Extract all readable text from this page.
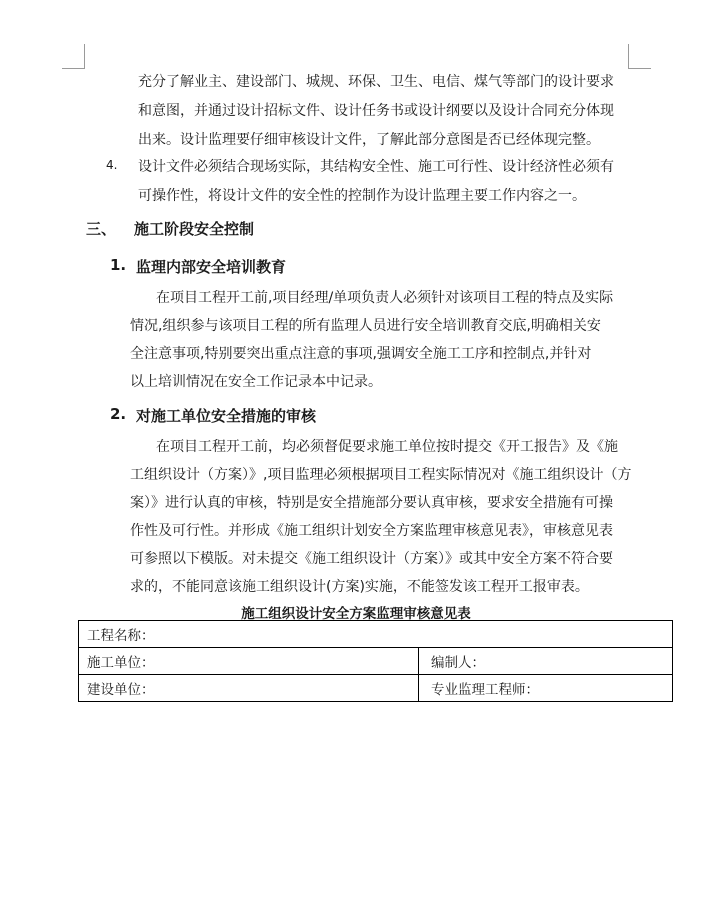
充分了解业主、建设部门、城规、环保、卫生、电信、煤气等部门的设计要求
和意图，并通过设计招标文件、设计任务书或设计纲要以及设计合同充分体现
出来。设计监理要仔细审核设计文件，了解此部分意图是否已经体现完整。
4. 设计文件必须结合现场实际，其结构安全性、施工可行性、设计经济性必须有
可操作性，将设计文件的安全性的控制作为设计监理主要工作内容之一。
三、 施工阶段安全控制
1. 监理内部安全培训教育
在项目工程开工前,项目经理/单项负责人必须针对该项目工程的特点及实际
情况,组织参与该项目工程的所有监理人员进行安全培训教育交底,明确相关安
全注意事项,特别要突出重点注意的事项,强调安全施工工序和控制点,并针对
以上培训情况在安全工作记录本中记录。
2. 对施工单位安全措施的审核
在项目工程开工前，均必须督促要求施工单位按时提交《开工报告》及《施
工组织设计（方案）》,项目监理必须根据项目工程实际情况对《施工组织设计（方
案）》进行认真的审核，特别是安全措施部分要认真审核，要求安全措施有可操
作性及可行性。并形成《施工组织计划安全方案监理审核意见表》，审核意见表
可参照以下模版。对未提交《施工组织设计（方案）》或其中安全方案不符合要
求的，不能同意该施工组织设计(方案)实施，不能签发该工程开工报审表。
施工组织设计安全方案监理审核意见表
工程名称：	
施工单位：	编制人：
建设单位：	专业监理工程师：
